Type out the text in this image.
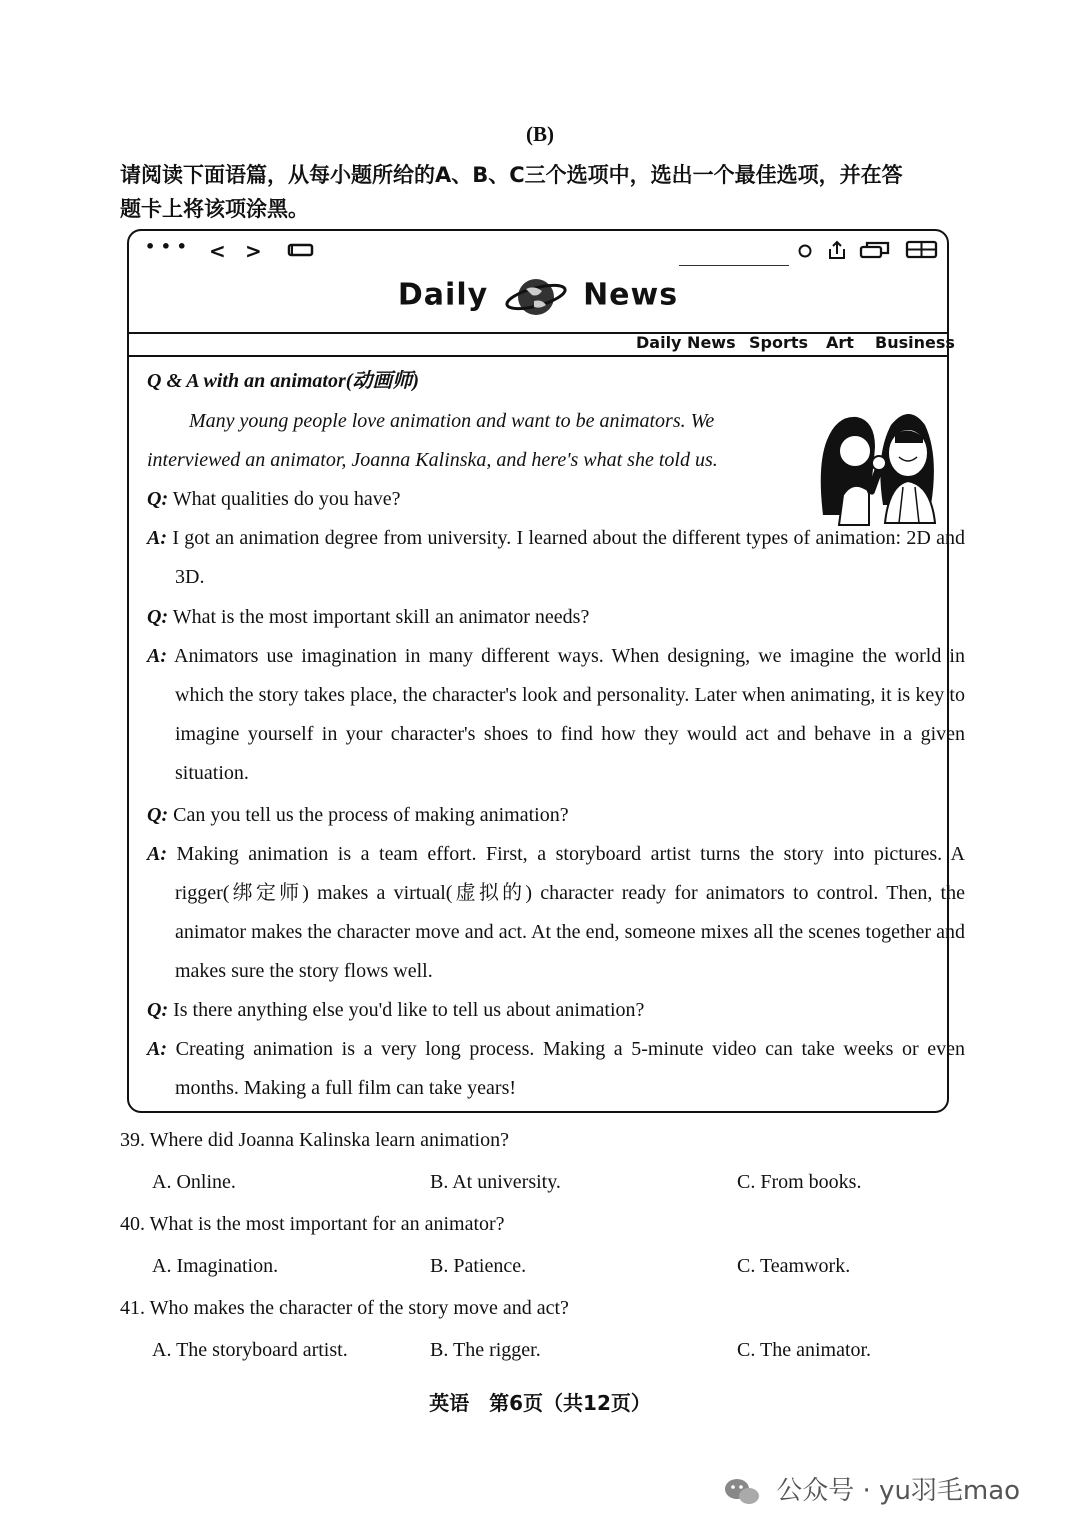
(B)
请阅读下面语篇，从每小题所给的A、B、C三个选项中，选出一个最佳选项，并在答
题卡上将该项涂黑。
• • • < >
Daily	News
Daily News Sports Art Business
Q & A with an animator(动画师)
Many young people love animation and want to be animators. We
interviewed an animator, Joanna Kalinska, and here's what she told us.
Q: What qualities do you have?
A: I got an animation degree from university. I learned about the different types of animation: 2D and 3D.
Q: What is the most important skill an animator needs?
A: Animators use imagination in many different ways. When designing, we imagine the world in which the story takes place, the character's look and personality. Later when animating, it is key to imagine yourself in your character's shoes to find how they would act and behave in a given situation.
Q: Can you tell us the process of making animation?
A: Making animation is a team effort. First, a storyboard artist turns the story into pictures. A rigger(绑定师) makes a virtual(虚拟的) character ready for animators to control. Then, the animator makes the character move and act. At the end, someone mixes all the scenes together and makes sure the story flows well.
Q: Is there anything else you'd like to tell us about animation?
A: Creating animation is a very long process. Making a 5-minute video can take weeks or even months. Making a full film can take years!
39. Where did Joanna Kalinska learn animation?
A. Online.	B. At university.	C. From books.
40. What is the most important for an animator?
A. Imagination.	B. Patience.	C. Teamwork.
41. Who makes the character of the story move and act?
A. The storyboard artist.	B. The rigger.	C. The animator.
英语　第6页（共12页）
公众号 · yu羽毛mao
